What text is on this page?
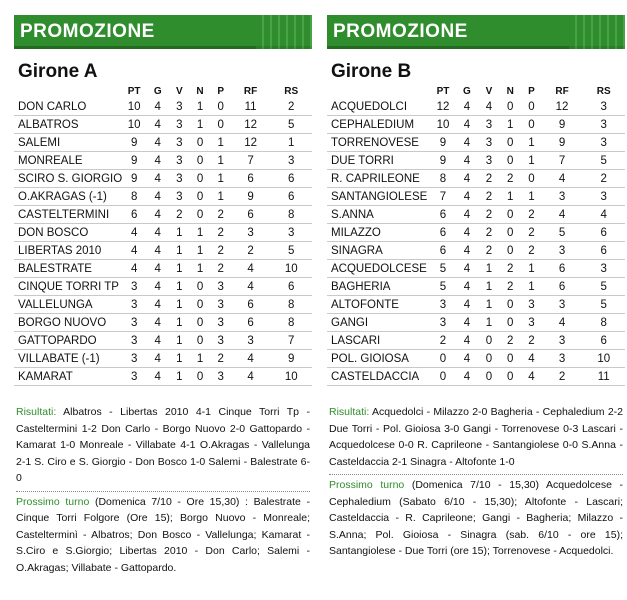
PROMOZIONE
Girone A
	PT	G	V	N	P	RF	RS
DON CARLO	10	4	3	1	0	11	2
ALBATROS	10	4	3	1	0	12	5
SALEMI	9	4	3	0	1	12	1
MONREALE	9	4	3	0	1	7	3
SCIRO S. GIORGIO	9	4	3	0	1	6	6
O.AKRAGAS (-1)	8	4	3	0	1	9	6
CASTELTERMINI	6	4	2	0	2	6	8
DON BOSCO	4	4	1	1	2	3	3
LIBERTAS 2010	4	4	1	1	2	2	5
BALESTRATE	4	4	1	1	2	4	10
CINQUE TORRI TP	3	4	1	0	3	4	6
VALLELUNGA	3	4	1	0	3	6	8
BORGO NUOVO	3	4	1	0	3	6	8
GATTOPARDO	3	4	1	0	3	3	7
VILLABATE (-1)	3	4	1	1	2	4	9
KAMARAT	3	4	1	0	3	4	10
Risultati: Albatros - Libertas 2010 4-1 Cinque Torri Tp - Casteltermini 1-2 Don Carlo - Borgo Nuovo 2-0 Gattopardo - Kamarat 1-0 Monreale - Villabate 4-1 O.Akragas - Vallelunga 2-1 S. Ciro e S. Giorgio - Don Bosco 1-0 Salemi - Balestrate 6-0
Prossimo turno (Domenica 7/10 - Ore 15,30) : Balestrate - Cinque Torri Folgore (Ore 15); Borgo Nuovo - Monreale; Castelterminì - Albatros; Don Bosco - Vallelunga; Kamarat - S.Ciro e S.Giorgio; Libertas 2010 - Don Carlo; Salemi - O.Akragas; Villabate - Gattopardo.
PROMOZIONE
Girone B
	PT	G	V	N	P	RF	RS
ACQUEDOLCI	12	4	4	0	0	12	3
CEPHALEDIUM	10	4	3	1	0	9	3
TORRENOVESE	9	4	3	0	1	9	3
DUE TORRI	9	4	3	0	1	7	5
R. CAPRILEONE	8	4	2	2	0	4	2
SANTANGIOLESE	7	4	2	1	1	3	3
S.ANNA	6	4	2	0	2	4	4
MILAZZO	6	4	2	0	2	5	6
SINAGRA	6	4	2	0	2	3	6
ACQUEDOLCESE	5	4	1	2	1	6	3
BAGHERIA	5	4	1	2	1	6	5
ALTOFONTE	3	4	1	0	3	3	5
GANGI	3	4	1	0	3	4	8
LASCARI	2	4	0	2	2	3	6
POL. GIOIOSA	0	4	0	0	4	3	10
CASTELDACCIA	0	4	0	0	4	2	11
Risultati: Acquedolci - Milazzo 2-0 Bagheria - Cephaledium 2-2 Due Torri - Pol. Gioiosa 3-0 Gangi - Torrenovese 0-3 Lascari - Acquedolcese 0-0 R. Caprileone - Santangiolese 0-0 S.Anna - Casteldaccia 2-1 Sinagra - Altofonte 1-0
Prossimo turno (Domenica 7/10 - 15,30) Acquedolcese - Cephaledium (Sabato 6/10 - 15,30); Altofonte - Lascari; Casteldaccia - R. Caprileone; Gangi - Bagheria; Milazzo - S.Anna; Pol. Gioiosa - Sinagra (sab. 6/10 - ore 15); Santangiolese - Due Torri (ore 15); Torrenovese - Acquedolci.
